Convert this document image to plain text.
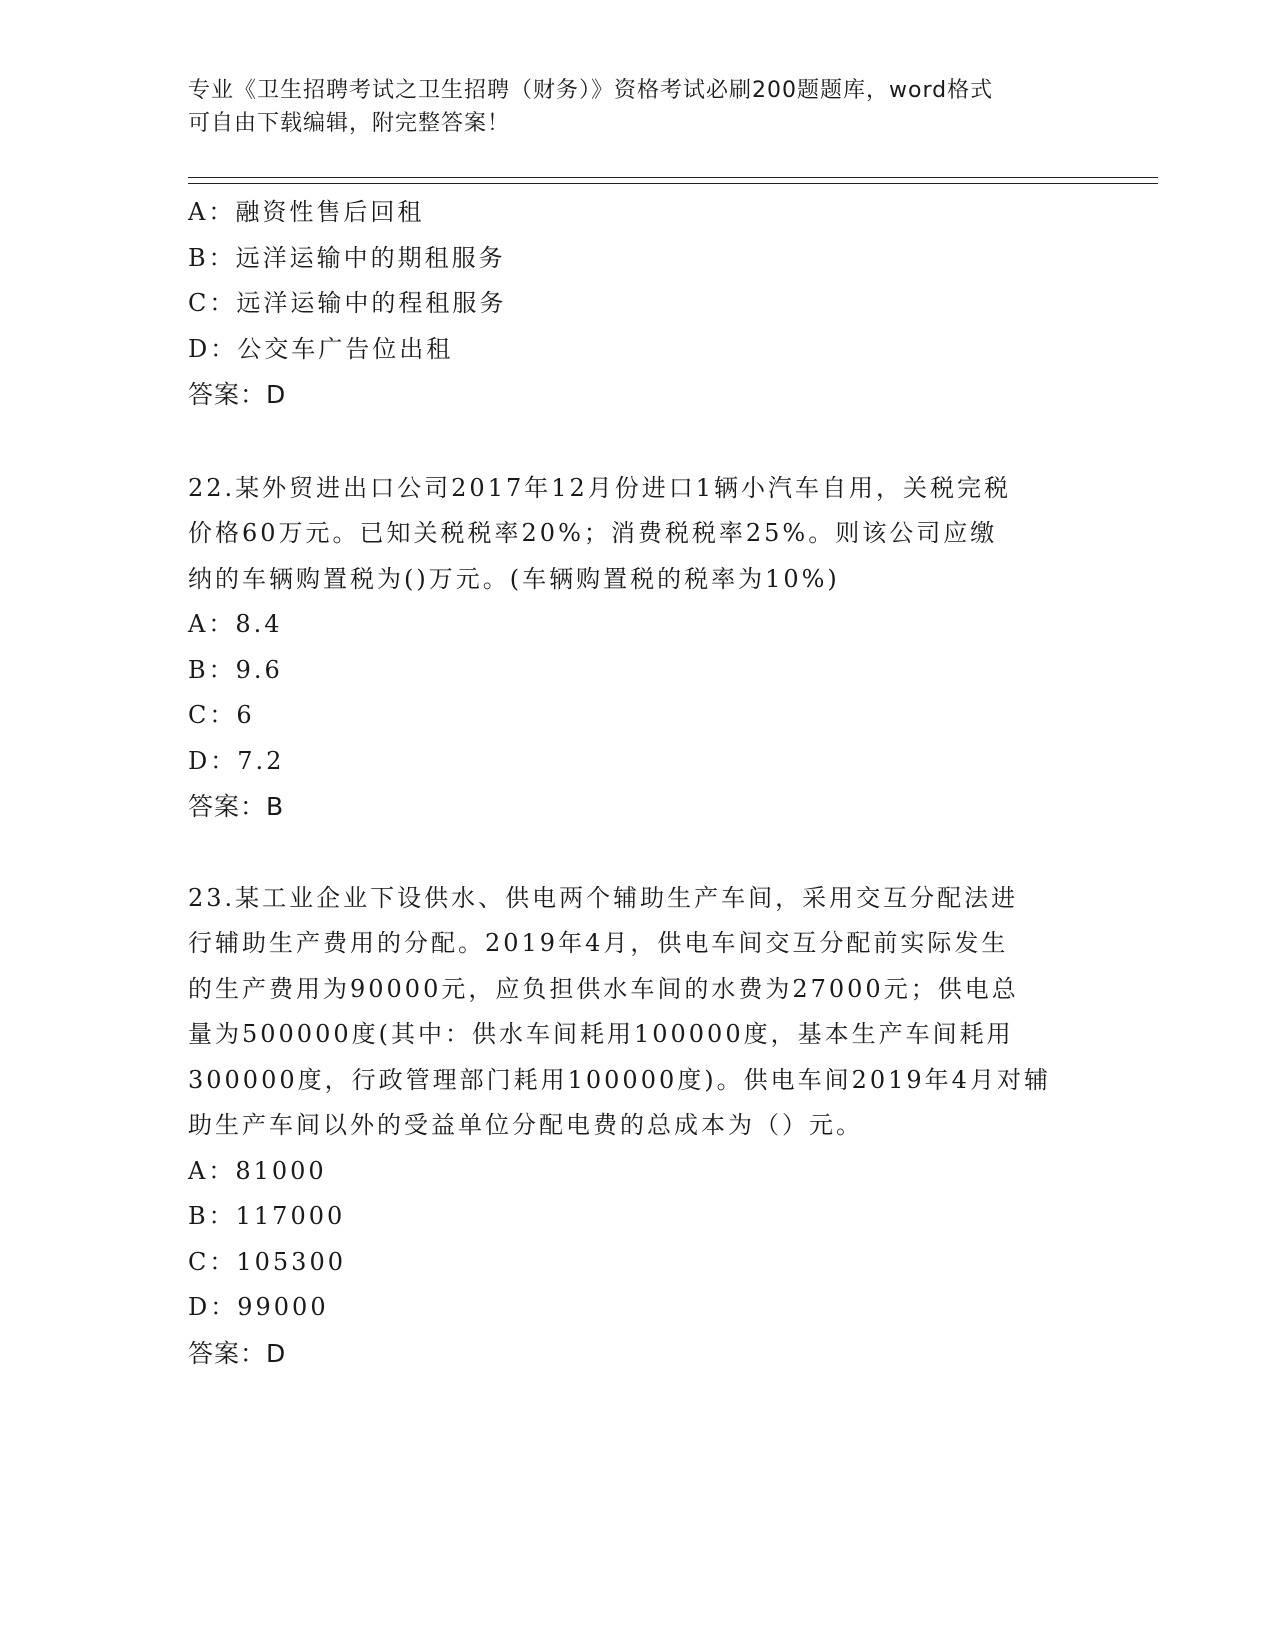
专业《卫生招聘考试之卫生招聘（财务）》资格考试必刷200题题库，word格式
可自由下载编辑，附完整答案！
A：融资性售后回租
B：远洋运输中的期租服务
C：远洋运输中的程租服务
D：公交车广告位出租
答案：D
22.某外贸进出口公司2017年12月份进口1辆小汽车自用，关税完税
价格60万元。已知关税税率20%；消费税税率25%。则该公司应缴
纳的车辆购置税为()万元。(车辆购置税的税率为10%)
A：8.4
B：9.6
C：6
D：7.2
答案：B
23.某工业企业下设供水、供电两个辅助生产车间，采用交互分配法进
行辅助生产费用的分配。2019年4月，供电车间交互分配前实际发生
的生产费用为90000元，应负担供水车间的水费为27000元；供电总
量为500000度(其中：供水车间耗用100000度，基本生产车间耗用
300000度，行政管理部门耗用100000度)。供电车间2019年4月对辅
助生产车间以外的受益单位分配电费的总成本为（）元。
A：81000
B：117000
C：105300
D：99000
答案：D
